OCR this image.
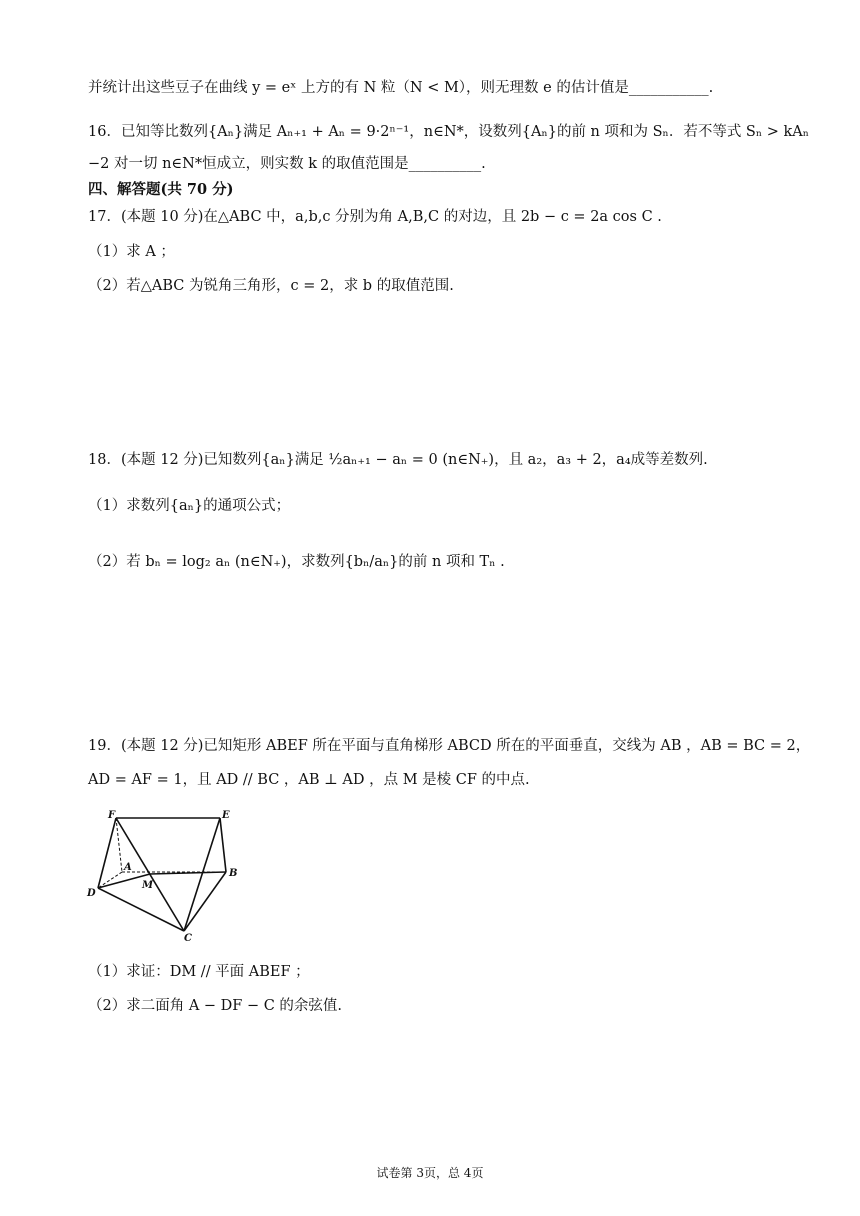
并统计出这些豆子在曲线 y = eˣ 上方的有 N 粒（N < M），则无理数 e 的估计值是___________.
16．已知等比数列{Aₙ}满足 Aₙ₊₁ + Aₙ = 9·2ⁿ⁻¹，n∈N*，设数列{Aₙ}的前 n 项和为 Sₙ．若不等式 Sₙ > kAₙ
−2 对一切 n∈N*恒成立，则实数 k 的取值范围是__________.
四、解答题(共 70 分)
17．(本题 10 分)在△ABC 中，a,b,c 分别为角 A,B,C 的对边，且 2b − c = 2a cos C .
（1）求 A ；
（2）若△ABC 为锐角三角形，c = 2，求 b 的取值范围.
18．(本题 12 分)已知数列{aₙ}满足 ½aₙ₊₁ − aₙ = 0 (n∈N₊)，且 a₂，a₃ + 2，a₄成等差数列.
（1）求数列{aₙ}的通项公式；
（2）若 bₙ = log₂ aₙ (n∈N₊)，求数列{bₙ/aₙ}的前 n 项和 Tₙ .
19．(本题 12 分)已知矩形 ABEF 所在平面与直角梯形 ABCD 所在的平面垂直，交线为 AB ，AB = BC = 2，
AD = AF = 1，且 AD // BC ，AB ⊥ AD ，点 M 是棱 CF 的中点.
F	E
A
M
B
D
C
（1）求证：DM // 平面 ABEF ；
（2）求二面角 A − DF − C 的余弦值.
试卷第 3页，总 4页
